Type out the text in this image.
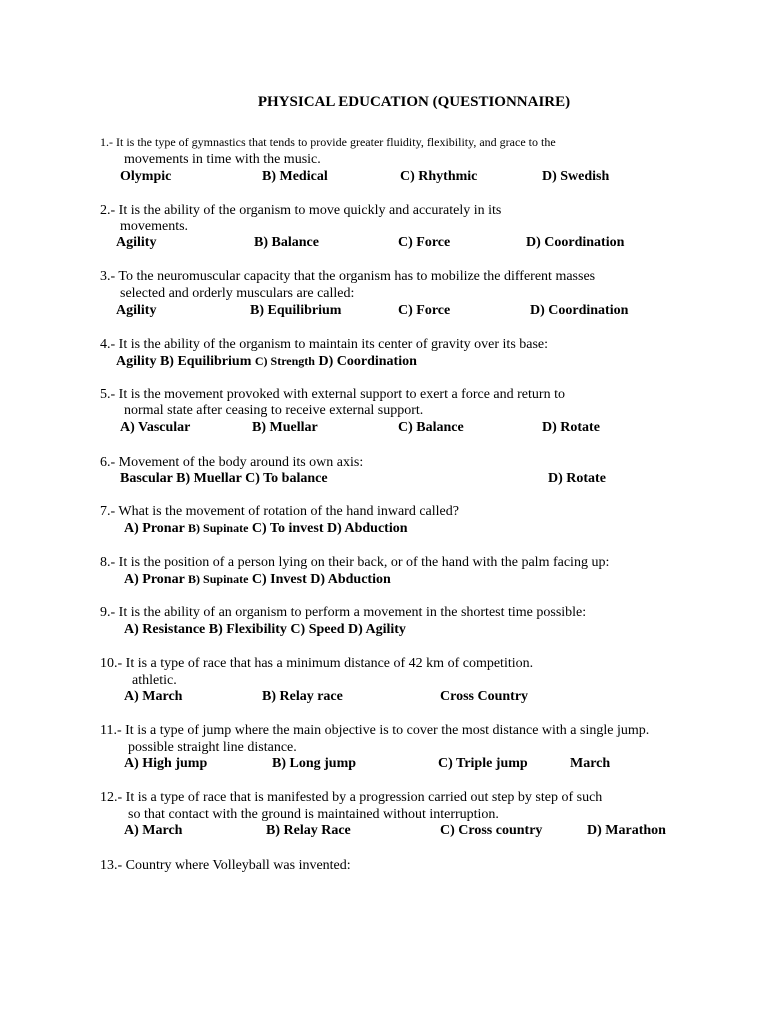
PHYSICAL EDUCATION (QUESTIONNAIRE)
1.- It is the type of gymnastics that tends to provide greater fluidity, flexibility, and grace to the
movements in time with the music.
Olympic	B) Medical	C) Rhythmic	D) Swedish
2.- It is the ability of the organism to move quickly and accurately in its
movements.
Agility	B) Balance	C) Force	D) Coordination
3.- To the neuromuscular capacity that the organism has to mobilize the different masses
selected and orderly musculars are called:
Agility	B) Equilibrium	C) Force	D) Coordination
4.- It is the ability of the organism to maintain its center of gravity over its base:
Agility B) Equilibrium C) Strength D) Coordination
5.- It is the movement provoked with external support to exert a force and return to
normal state after ceasing to receive external support.
A) Vascular	B) Muellar	C) Balance	D) Rotate
6.- Movement of the body around its own axis:
Bascular B) Muellar C) To balance	D) Rotate
7.- What is the movement of rotation of the hand inward called?
A) Pronar B) Supinate C) To invest D) Abduction
8.- It is the position of a person lying on their back, or of the hand with the palm facing up:
A) Pronar B) Supinate C) Invest D) Abduction
9.- It is the ability of an organism to perform a movement in the shortest time possible:
A) Resistance B) Flexibility C) Speed D) Agility
10.- It is a type of race that has a minimum distance of 42 km of competition.
athletic.
A) March	B) Relay race	Cross Country
11.- It is a type of jump where the main objective is to cover the most distance with a single jump.
possible straight line distance.
A) High jump	B) Long jump	C) Triple jump	March
12.- It is a type of race that is manifested by a progression carried out step by step of such
so that contact with the ground is maintained without interruption.
A) March	B) Relay Race	C) Cross country	D) Marathon
13.- Country where Volleyball was invented:
